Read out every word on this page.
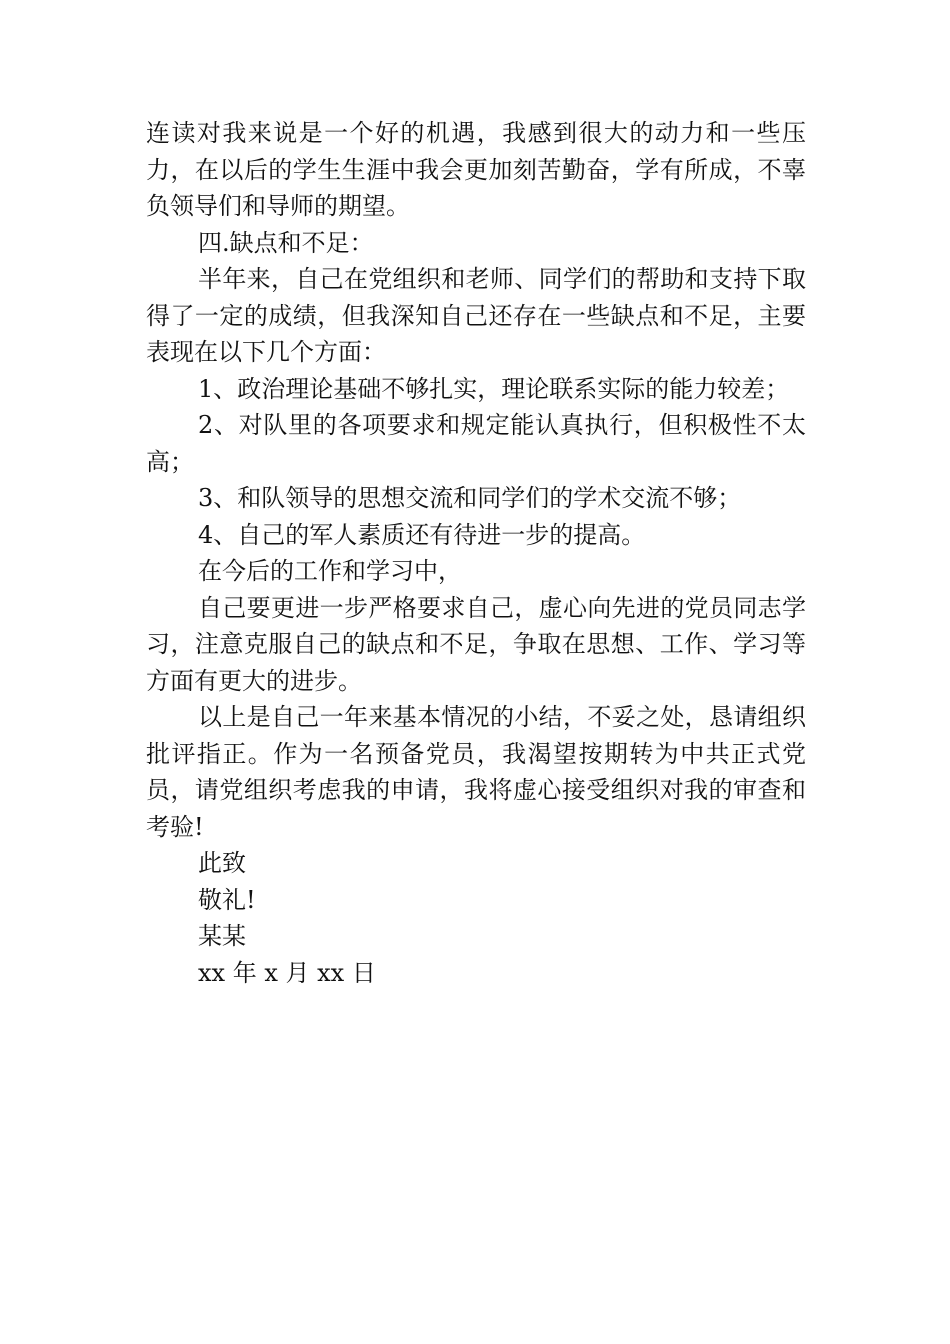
连读对我来说是一个好的机遇，我感到很大的动力和一些压力，在以后的学生生涯中我会更加刻苦勤奋，学有所成，不辜负领导们和导师的期望。

四.缺点和不足：

半年来，自己在党组织和老师、同学们的帮助和支持下取得了一定的成绩，但我深知自己还存在一些缺点和不足，主要表现在以下几个方面：

1、政治理论基础不够扎实，理论联系实际的能力较差；

2、对队里的各项要求和规定能认真执行，但积极性不太高；

3、和队领导的思想交流和同学们的学术交流不够；

4、自己的军人素质还有待进一步的提高。

在今后的工作和学习中，

自己要更进一步严格要求自己，虚心向先进的党员同志学习，注意克服自己的缺点和不足，争取在思想、工作、学习等方面有更大的进步。

以上是自己一年来基本情况的小结，不妥之处，恳请组织批评指正。作为一名预备党员，我渴望按期转为中共正式党员，请党组织考虑我的申请，我将虚心接受组织对我的审查和考验!

此致

敬礼!

某某

xx 年 x 月 xx 日
